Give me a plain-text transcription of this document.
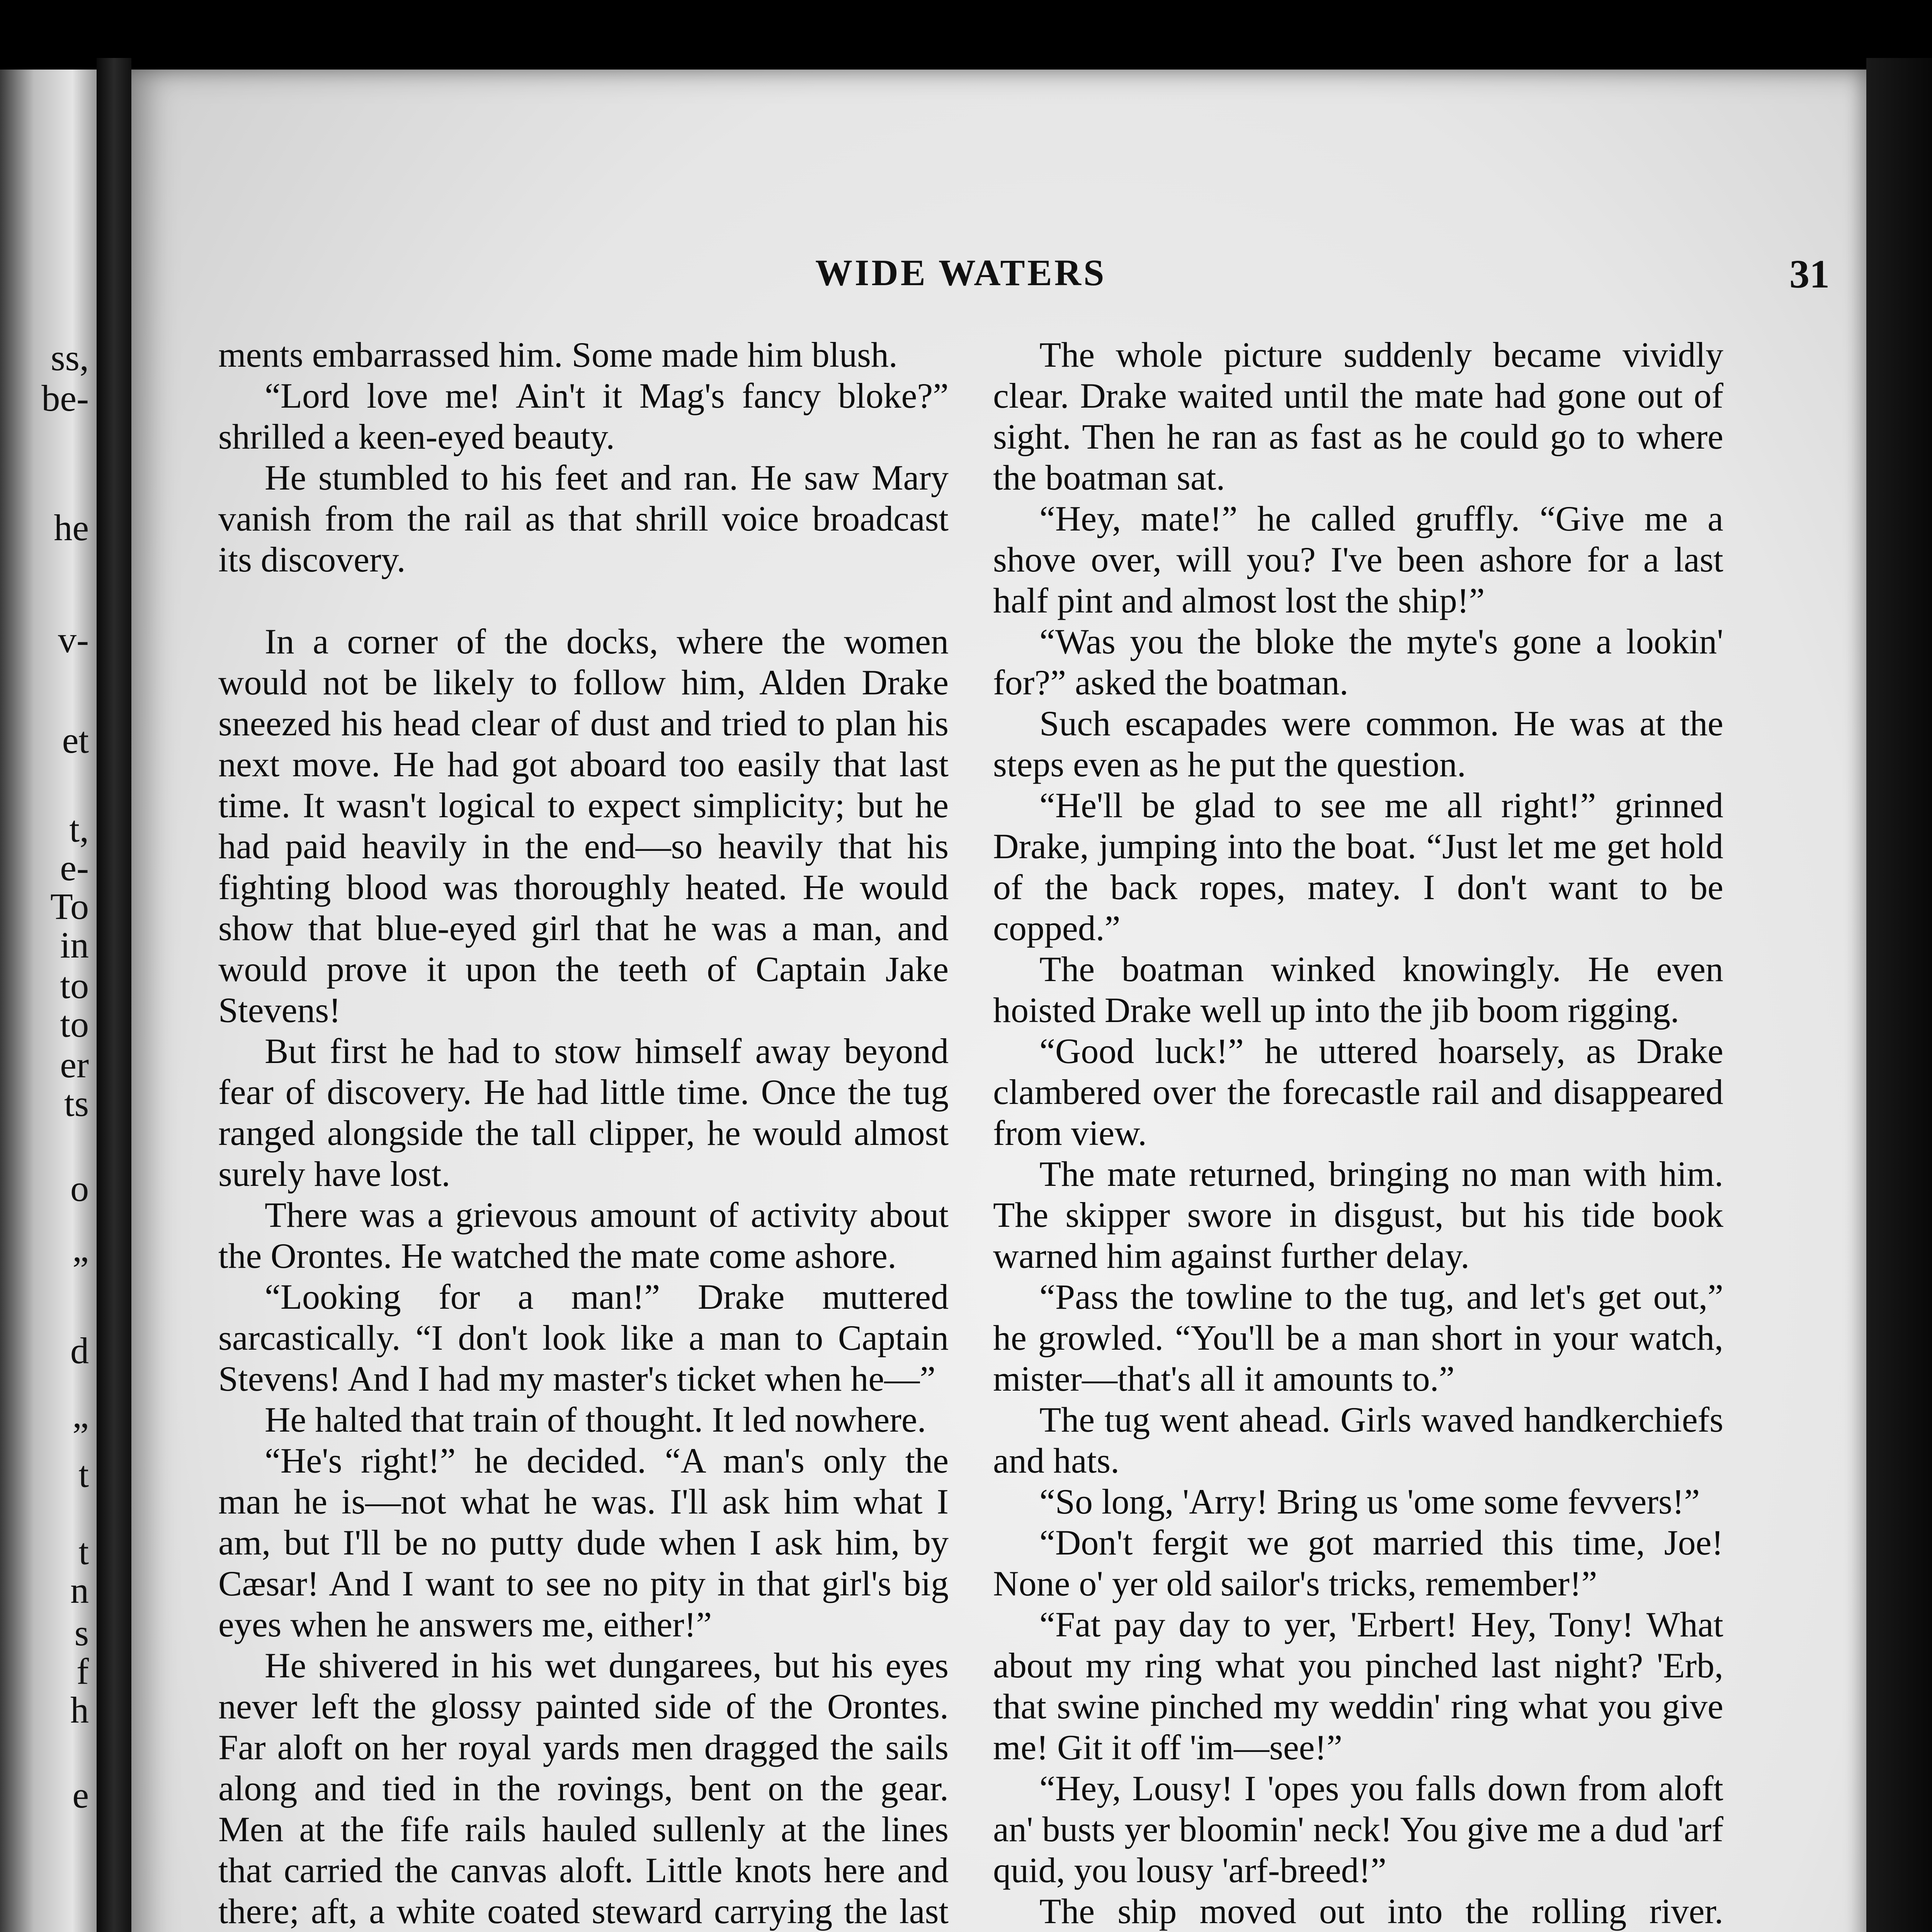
ss,
be-
he
v-
et
t,
e-
To
in
to
to
er
ts
o
”
d
”
t
t
n
s
f
h
e
WIDE WATERS	31

ments embarrassed him. Some made him blush.

“Lord love me! Ain't it Mag's fancy bloke?” shrilled a keen-eyed beauty.

He stumbled to his feet and ran. He saw Mary vanish from the rail as that shrill voice broadcast its discovery.

In a corner of the docks, where the women would not be likely to follow him, Alden Drake sneezed his head clear of dust and tried to plan his next move. He had got aboard too easily that last time. It wasn't logical to expect simplicity; but he had paid heavily in the end—so heavily that his fighting blood was thoroughly heated. He would show that blue-eyed girl that he was a man, and would prove it upon the teeth of Captain Jake Stevens!

But first he had to stow himself away beyond fear of discovery. He had little time. Once the tug ranged alongside the tall clipper, he would almost surely have lost.

There was a grievous amount of activity about the Orontes. He watched the mate come ashore.

“Looking for a man!” Drake muttered sarcastically. “I don't look like a man to Captain Stevens! And I had my master's ticket when he—”

He halted that train of thought. It led nowhere.

“He's right!” he decided. “A man's only the man he is—not what he was. I'll ask him what I am, but I'll be no putty dude when I ask him, by Cæsar! And I want to see no pity in that girl's big eyes when he answers me, either!”

He shivered in his wet dungarees, but his eyes never left the glossy painted side of the Orontes. Far aloft on her royal yards men dragged the sails along and tied in the rovings, bent on the gear. Men at the fife rails hauled sullenly at the lines that carried the canvas aloft. Little knots here and there; aft, a white coated steward carrying the last

The whole picture suddenly became vividly clear. Drake waited until the mate had gone out of sight. Then he ran as fast as he could go to where the boatman sat.

“Hey, mate!” he called gruffly. “Give me a shove over, will you? I've been ashore for a last half pint and almost lost the ship!”

“Was you the bloke the myte's gone a lookin' for?” asked the boatman.

Such escapades were common. He was at the steps even as he put the question.

“He'll be glad to see me all right!” grinned Drake, jumping into the boat. “Just let me get hold of the back ropes, matey. I don't want to be copped.”

The boatman winked knowingly. He even hoisted Drake well up into the jib boom rigging.

“Good luck!” he uttered hoarsely, as Drake clambered over the forecastle rail and disappeared from view.

The mate returned, bringing no man with him. The skipper swore in disgust, but his tide book warned him against further delay.

“Pass the towline to the tug, and let's get out,” he growled. “You'll be a man short in your watch, mister—that's all it amounts to.”

The tug went ahead. Girls waved handkerchiefs and hats.

“So long, 'Arry! Bring us 'ome some fevvers!”

“Don't fergit we got married this time, Joe! None o' yer old sailor's tricks, remember!”

“Fat pay day to yer, 'Erbert! Hey, Tony! What about my ring what you pinched last night? 'Erb, that swine pinched my weddin' ring what you give me! Git it off 'im—see!”

“Hey, Lousy! I 'opes you falls down from aloft an' busts yer bloomin' neck! You give me a dud 'arf quid, you lousy 'arf-breed!”

The ship moved out into the rolling river.
